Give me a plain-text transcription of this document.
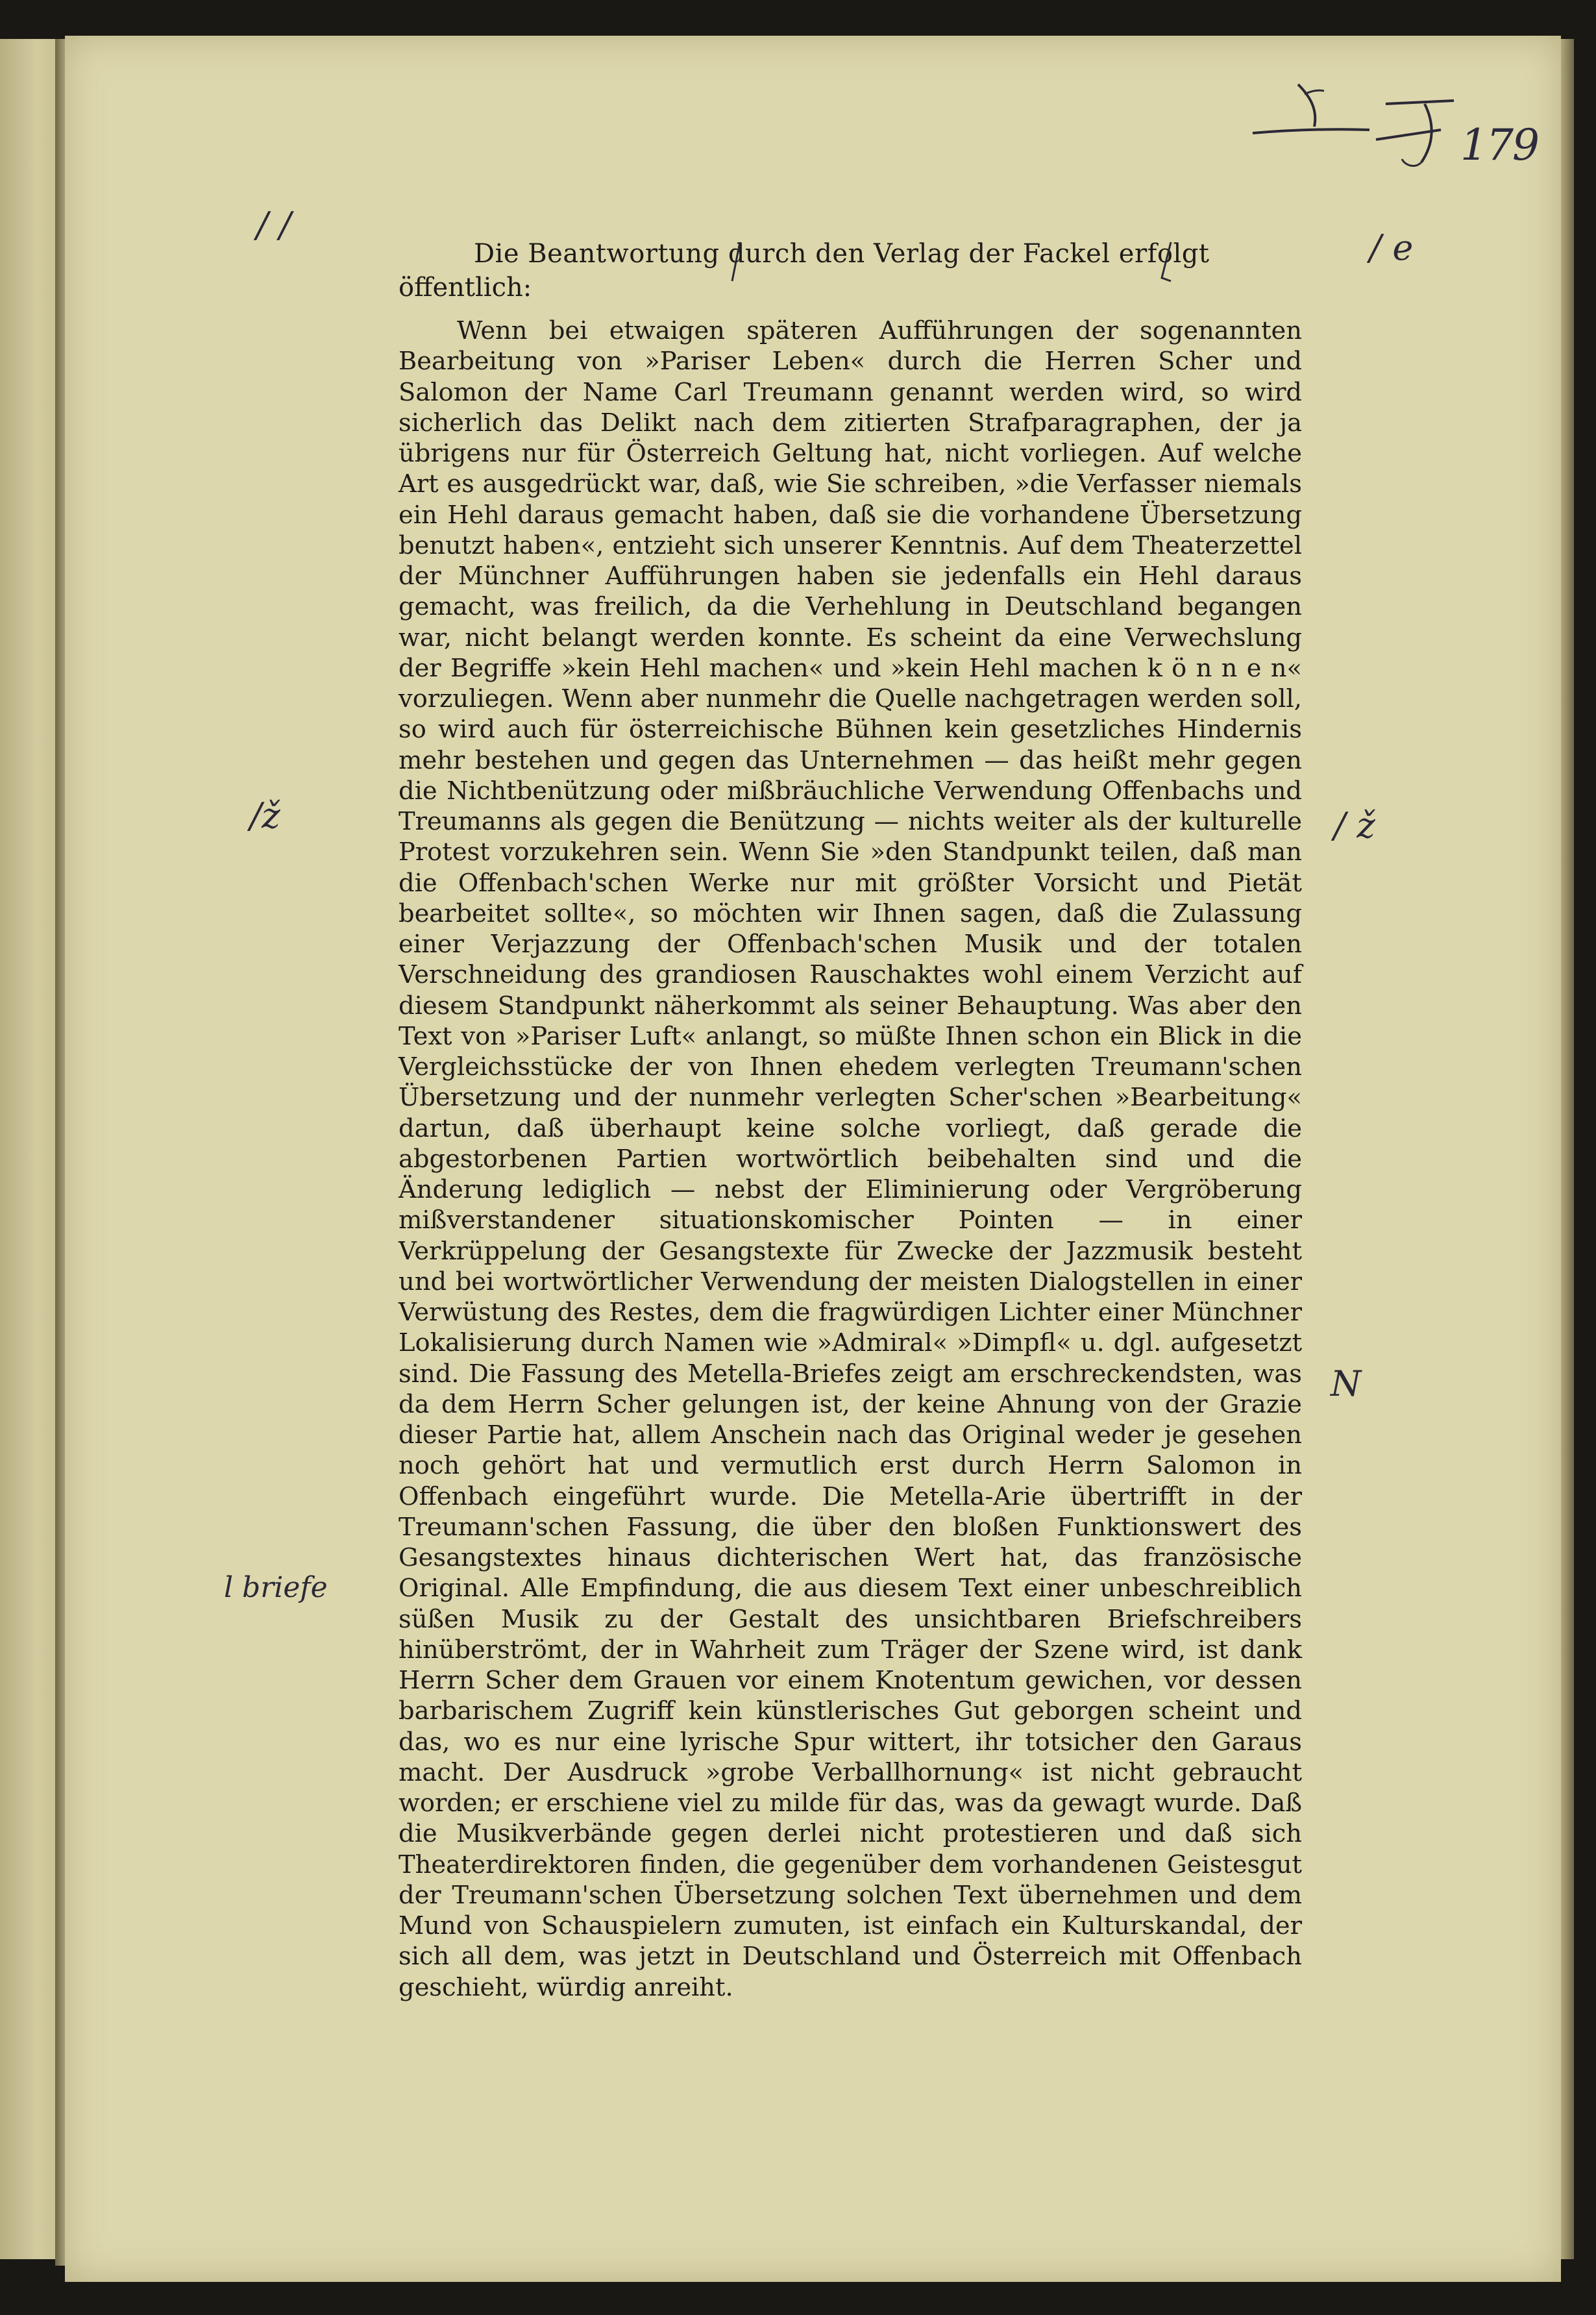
179
Die Beantwortung durch den Verlag der Fackel erfolgt
öffentlich:
Wenn bei etwaigen späteren Aufführungen der sogenannten Bearbeitung von »Pariser Leben« durch die Herren Scher und Salomon der Name Carl Treumann genannt werden wird, so wird sicherlich das Delikt nach dem zitierten Strafparagraphen, der ja übrigens nur für Österreich Geltung hat, nicht vorliegen. Auf welche Art es ausgedrückt war, daß, wie Sie schreiben, »die Verfasser niemals ein Hehl daraus gemacht haben, daß sie die vorhandene Übersetzung benutzt haben«, entzieht sich unserer Kenntnis. Auf dem Theaterzettel der Münchner Aufführungen haben sie jedenfalls ein Hehl daraus gemacht, was freilich, da die Verhehlung in Deutschland begangen war, nicht belangt werden konnte. Es scheint da eine Verwechslung der Begriffe »kein Hehl machen« und »kein Hehl machen k ö n n e n« vorzuliegen. Wenn aber nunmehr die Quelle nachgetragen werden soll, so wird auch für österreichische Bühnen kein gesetzliches Hindernis mehr bestehen und gegen das Unternehmen — das heißt mehr gegen die Nichtbenützung oder mißbräuchliche Verwendung Offenbachs und Treumanns als gegen die Benützung — nichts weiter als der kulturelle Protest vorzukehren sein. Wenn Sie »den Standpunkt teilen, daß man die Offenbach'schen Werke nur mit größter Vorsicht und Pietät bearbeitet sollte«, so möchten wir Ihnen sagen, daß die Zulassung einer Verjazzung der Offenbach'schen Musik und der totalen Verschneidung des grandiosen Rauschaktes wohl einem Verzicht auf diesem Standpunkt näherkommt als seiner Behauptung. Was aber den Text von »Pariser Luft« anlangt, so müßte Ihnen schon ein Blick in die Vergleichsstücke der von Ihnen ehedem verlegten Treumann'schen Übersetzung und der nunmehr verlegten Scher'schen »Bearbeitung« dartun, daß überhaupt keine solche vorliegt, daß gerade die abgestorbenen Partien wortwörtlich beibehalten sind und die Änderung lediglich — nebst der Eliminierung oder Vergröberung mißverstandener situationskomischer Pointen — in einer Verkrüppelung der Gesangstexte für Zwecke der Jazzmusik besteht und bei wortwörtlicher Verwendung der meisten Dialogstellen in einer Verwüstung des Restes, dem die fragwürdigen Lichter einer Münchner Lokalisierung durch Namen wie »Admiral« »Dimpfl« u. dgl. aufgesetzt sind. Die Fassung des Metella-Briefes zeigt am erschreckendsten, was da dem Herrn Scher gelungen ist, der keine Ahnung von der Grazie dieser Partie hat, allem Anschein nach das Original weder je gesehen noch gehört hat und vermutlich erst durch Herrn Salomon in Offenbach eingeführt wurde. Die Metella-Arie übertrifft in der Treumann'schen Fassung, die über den bloßen Funktionswert des Gesangstextes hinaus dichterischen Wert hat, das französische Original. Alle Empfindung, die aus diesem Text einer unbeschreiblich süßen Musik zu der Gestalt des unsichtbaren Briefschreibers hinüberströmt, der in Wahrheit zum Träger der Szene wird, ist dank Herrn Scher dem Grauen vor einem Knotentum gewichen, vor dessen barbarischem Zugriff kein künstlerisches Gut geborgen scheint und das, wo es nur eine lyrische Spur wittert, ihr totsicher den Garaus macht. Der Ausdruck »grobe Verballhornung« ist nicht gebraucht worden; er erschiene viel zu milde für das, was da gewagt wurde. Daß die Musikverbände gegen derlei nicht protestieren und daß sich Theaterdirektoren finden, die gegenüber dem vorhandenen Geistesgut der Treumann'schen Übersetzung solchen Text übernehmen und dem Mund von Schauspielern zumuten, ist einfach ein Kulturskandal, der sich all dem, was jetzt in Deutschland und Österreich mit Offenbach geschieht, würdig anreiht.
/ /
/ž
l briefe
/ e
/ ž
N
